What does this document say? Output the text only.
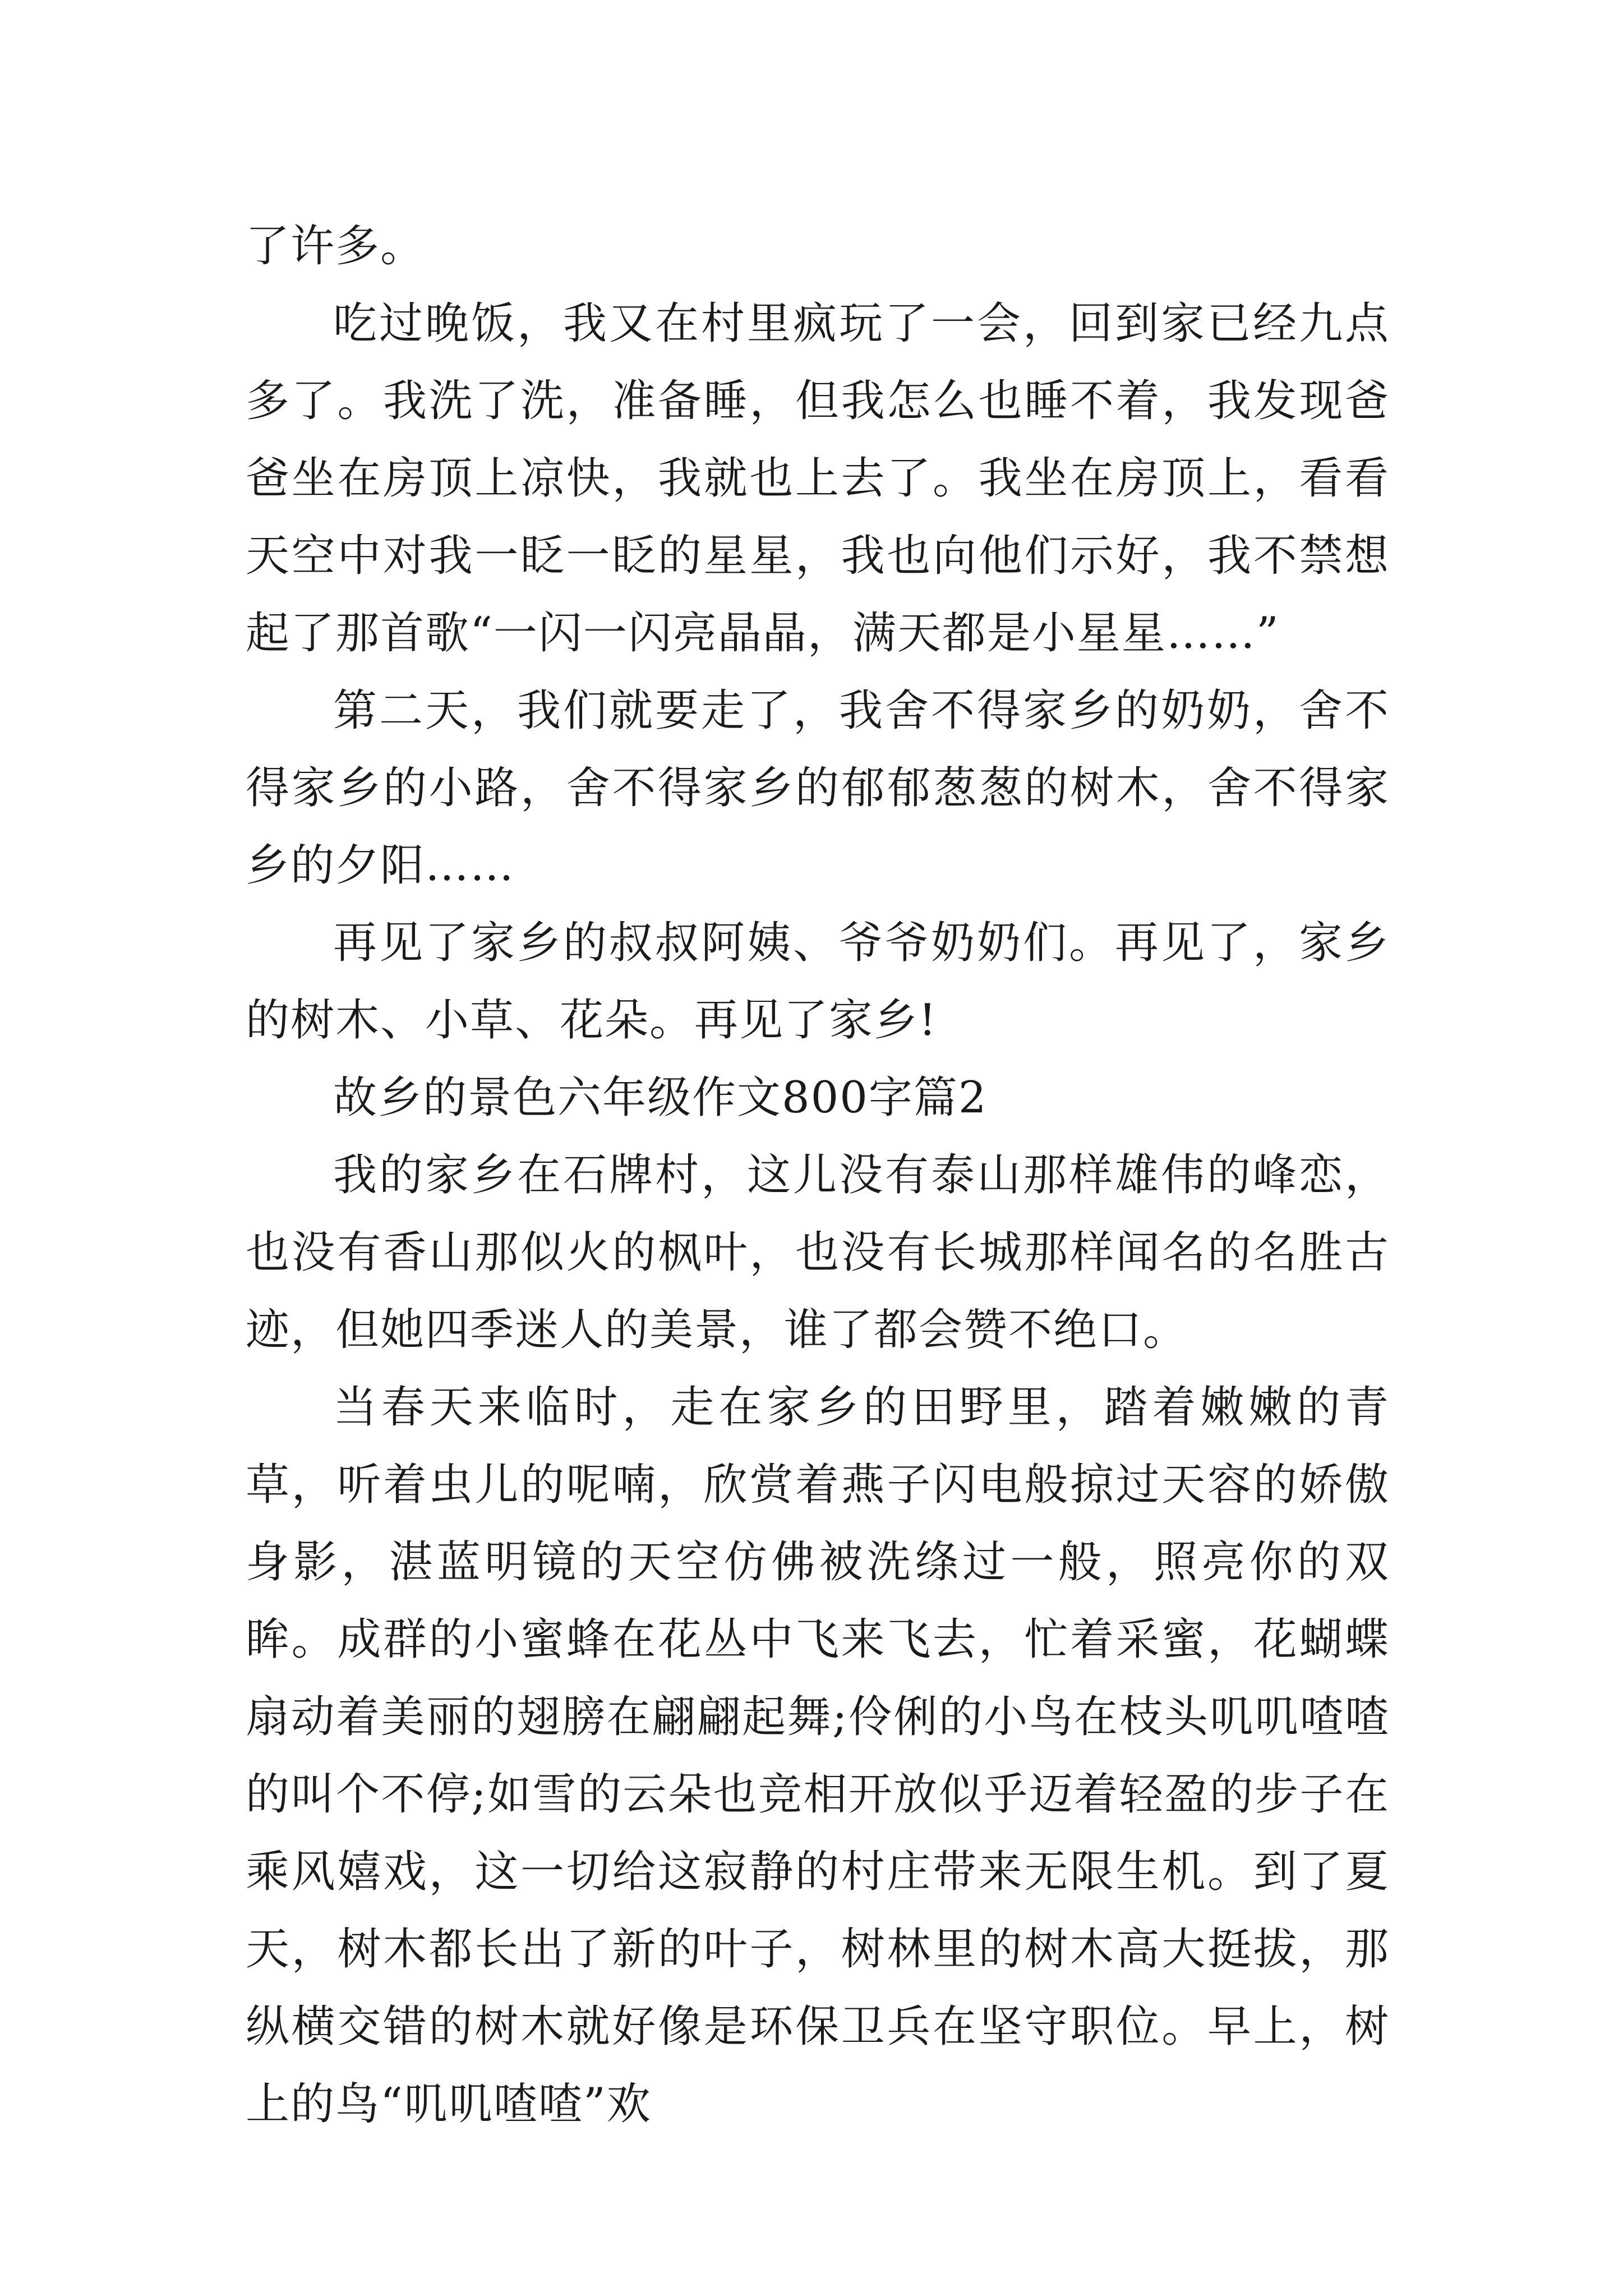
了许多。

吃过晚饭，我又在村里疯玩了一会，回到家已经九点多了。我洗了洗，准备睡，但我怎么也睡不着，我发现爸爸坐在房顶上凉快，我就也上去了。我坐在房顶上，看看天空中对我一眨一眨的星星，我也向他们示好，我不禁想起了那首歌“一闪一闪亮晶晶，满天都是小星星……”

第二天，我们就要走了，我舍不得家乡的奶奶，舍不得家乡的小路，舍不得家乡的郁郁葱葱的树木，舍不得家乡的夕阳……

再见了家乡的叔叔阿姨、爷爷奶奶们。再见了，家乡的树木、小草、花朵。再见了家乡!

故乡的景色六年级作文800字篇2

我的家乡在石牌村，这儿没有泰山那样雄伟的峰恋，也没有香山那似火的枫叶，也没有长城那样闻名的名胜古迹，但她四季迷人的美景，谁了都会赞不绝口。

当春天来临时，走在家乡的田野里，踏着嫩嫩的青草，听着虫儿的呢喃，欣赏着燕子闪电般掠过天容的娇傲身影，湛蓝明镜的天空仿佛被洗绦过一般，照亮你的双眸。成群的小蜜蜂在花丛中飞来飞去，忙着采蜜，花蝴蝶扇动着美丽的翅膀在翩翩起舞;伶俐的小鸟在枝头叽叽喳喳的叫个不停;如雪的云朵也竞相开放似乎迈着轻盈的步子在乘风嬉戏，这一切给这寂静的村庄带来无限生机。到了夏天，树木都长出了新的叶子，树林里的树木高大挺拔，那纵横交错的树木就好像是环保卫兵在坚守职位。早上，树上的鸟“叽叽喳喳”欢
